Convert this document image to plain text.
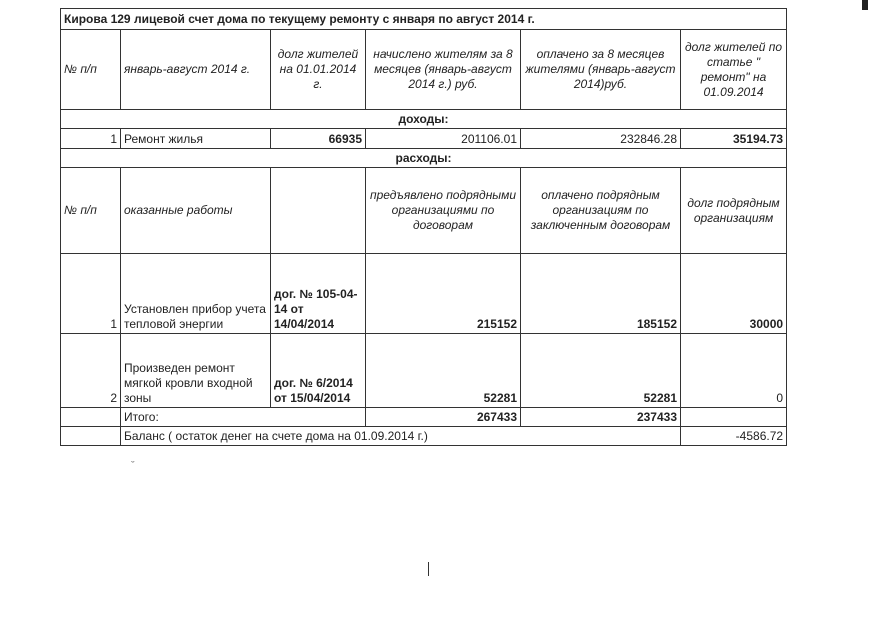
Кирова 129 лицевой счет дома по текущему ремонту с января по август 2014 г.					
№ п/п	январь-август 2014 г.	долг жителей на 01.01.2014 г.	начислено жителям за 8 месяцев (январь-август 2014 г.) руб.	оплачено за 8 месяцев жителями (январь-август 2014)руб.	долг жителей по статье " ремонт" на 01.09.2014
доходы:					
1	Ремонт жилья	66935	201106.01	232846.28	35194.73
расходы:					
№ п/п	оказанные работы		предъявлено подрядными организациями по договорам	оплачено подрядным организациям по заключенным договорам	долг подрядным организациям
1	Установлен прибор учета тепловой энергии	дог. № 105-04-14 от 14/04/2014	215152	185152	30000
2	Произведен ремонт мягкой кровли входной зоны	дог. № 6/2014 от 15/04/2014	52281	52281	0
	Итого:		267433	237433	
	Баланс ( остаток денег на счете дома на 01.09.2014 г.)				-4586.72
ˇ
